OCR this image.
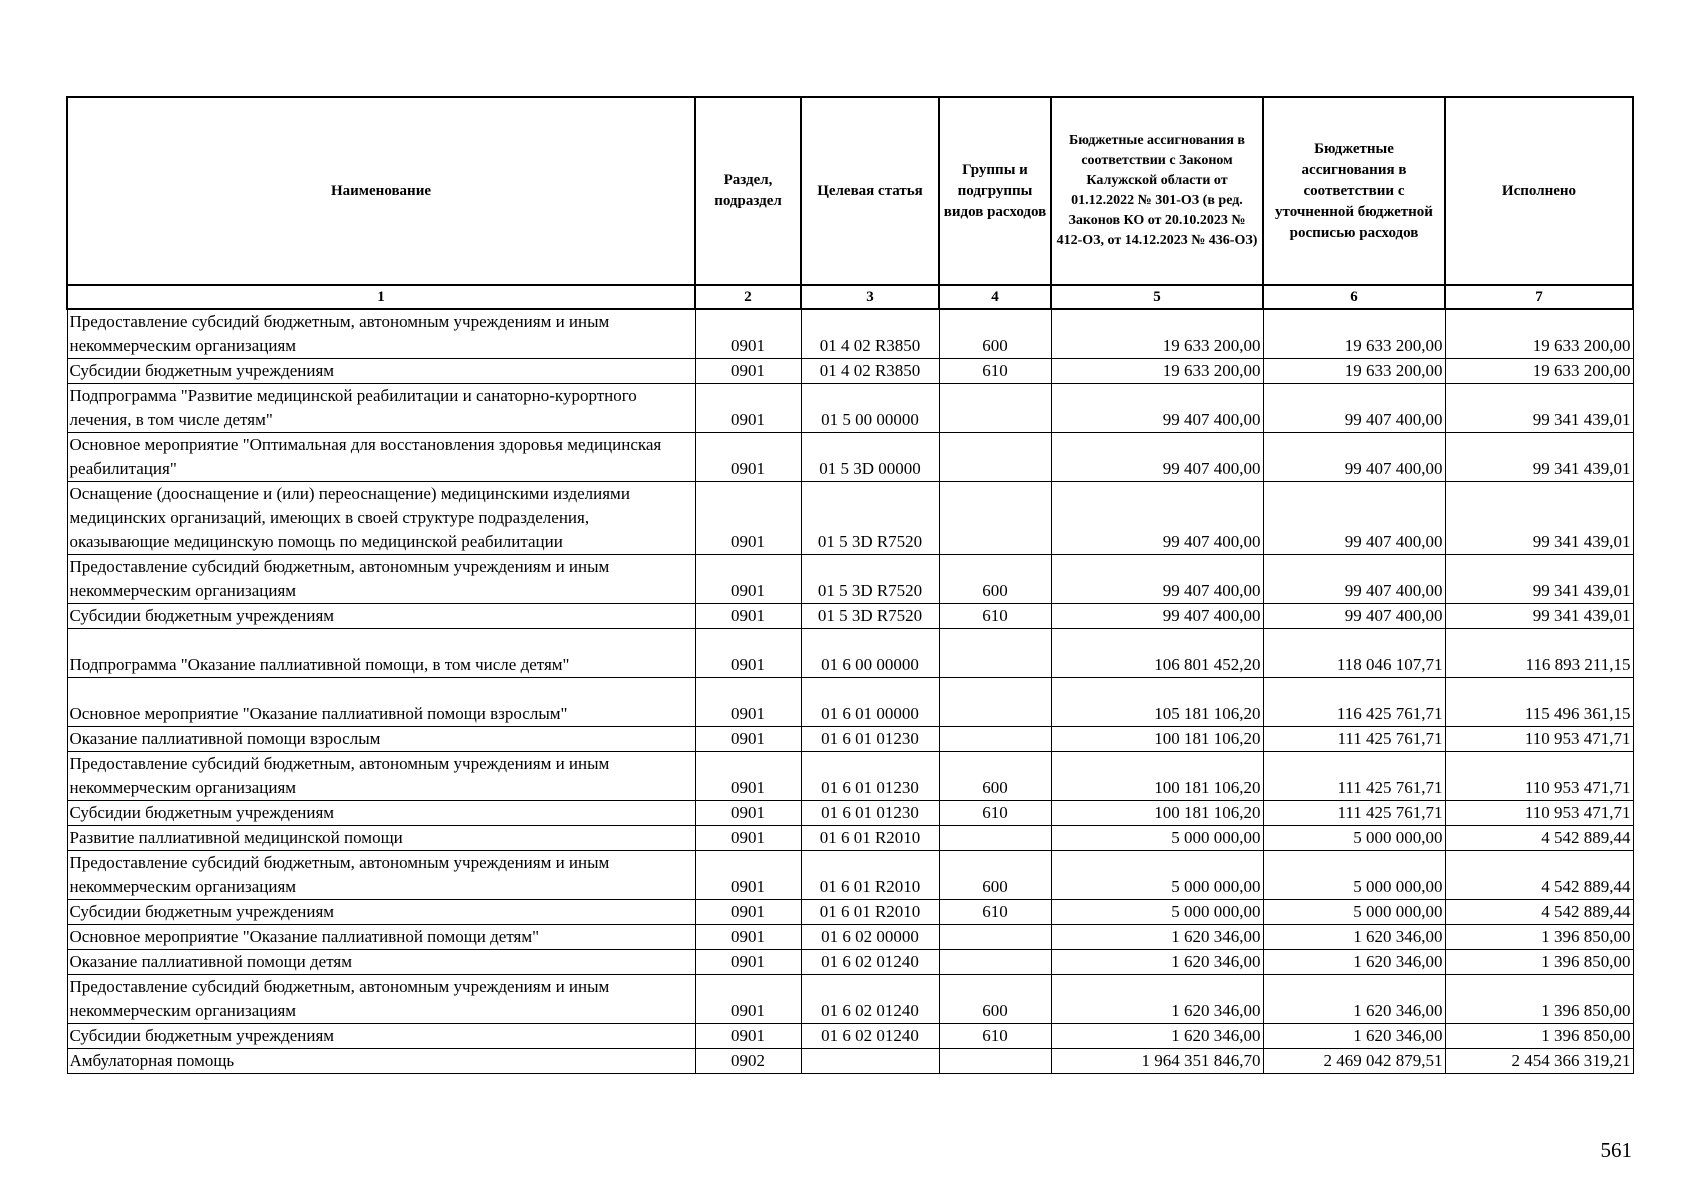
Наименование	Раздел, подраздел	Целевая статья	Группы и подгруппы видов расходов	Бюджетные ассигнования в соответствии с Законом Калужской области от 01.12.2022 № 301-ОЗ (в ред. Законов КО от 20.10.2023 № 412-ОЗ, от 14.12.2023 № 436-ОЗ)	Бюджетные ассигнования в соответствии с уточненной бюджетной росписью расходов	Исполнено
1	2	3	4	5	6	7
Предоставление субсидий бюджетным, автономным учреждениям и иным некоммерческим организациям	0901	01 4 02 R3850	600	19 633 200,00	19 633 200,00	19 633 200,00
Субсидии бюджетным учреждениям	0901	01 4 02 R3850	610	19 633 200,00	19 633 200,00	19 633 200,00
Подпрограмма "Развитие медицинской реабилитации и санаторно-курортного лечения, в том числе детям"	0901	01 5 00 00000		99 407 400,00	99 407 400,00	99 341 439,01
Основное мероприятие "Оптимальная для восстановления здоровья медицинская реабилитация"	0901	01 5 3D 00000		99 407 400,00	99 407 400,00	99 341 439,01
Оснащение (дооснащение и (или) переоснащение) медицинскими изделиями медицинских организаций, имеющих в своей структуре подразделения, оказывающие медицинскую помощь по медицинской реабилитации	0901	01 5 3D R7520		99 407 400,00	99 407 400,00	99 341 439,01
Предоставление субсидий бюджетным, автономным учреждениям и иным некоммерческим организациям	0901	01 5 3D R7520	600	99 407 400,00	99 407 400,00	99 341 439,01
Субсидии бюджетным учреждениям	0901	01 5 3D R7520	610	99 407 400,00	99 407 400,00	99 341 439,01
Подпрограмма "Оказание паллиативной помощи, в том числе детям"	0901	01 6 00 00000		106 801 452,20	118 046 107,71	116 893 211,15
Основное мероприятие "Оказание паллиативной помощи взрослым"	0901	01 6 01 00000		105 181 106,20	116 425 761,71	115 496 361,15
Оказание паллиативной помощи взрослым	0901	01 6 01 01230		100 181 106,20	111 425 761,71	110 953 471,71
Предоставление субсидий бюджетным, автономным учреждениям и иным некоммерческим организациям	0901	01 6 01 01230	600	100 181 106,20	111 425 761,71	110 953 471,71
Субсидии бюджетным учреждениям	0901	01 6 01 01230	610	100 181 106,20	111 425 761,71	110 953 471,71
Развитие паллиативной медицинской помощи	0901	01 6 01 R2010		5 000 000,00	5 000 000,00	4 542 889,44
Предоставление субсидий бюджетным, автономным учреждениям и иным некоммерческим организациям	0901	01 6 01 R2010	600	5 000 000,00	5 000 000,00	4 542 889,44
Субсидии бюджетным учреждениям	0901	01 6 01 R2010	610	5 000 000,00	5 000 000,00	4 542 889,44
Основное мероприятие "Оказание паллиативной помощи детям"	0901	01 6 02 00000		1 620 346,00	1 620 346,00	1 396 850,00
Оказание паллиативной помощи детям	0901	01 6 02 01240		1 620 346,00	1 620 346,00	1 396 850,00
Предоставление субсидий бюджетным, автономным учреждениям и иным некоммерческим организациям	0901	01 6 02 01240	600	1 620 346,00	1 620 346,00	1 396 850,00
Субсидии бюджетным учреждениям	0901	01 6 02 01240	610	1 620 346,00	1 620 346,00	1 396 850,00
Амбулаторная помощь	0902			1 964 351 846,70	2 469 042 879,51	2 454 366 319,21
561
